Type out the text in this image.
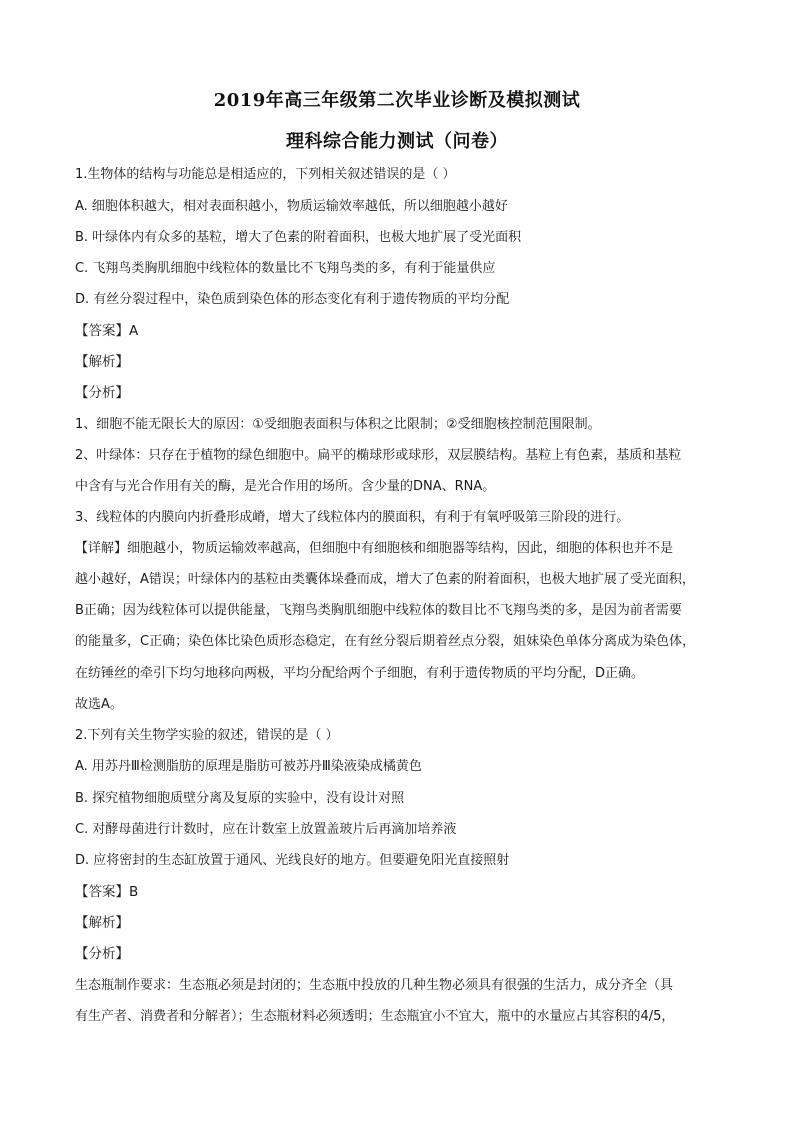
2019年高三年级第二次毕业诊断及模拟测试
理科综合能力测试（问卷）
1.生物体的结构与功能总是相适应的，下列相关叙述错误的是（ ）
A. 细胞体积越大，相对表面积越小，物质运输效率越低，所以细胞越小越好
B. 叶绿体内有众多的基粒，增大了色素的附着面积，也极大地扩展了受光面积
C. 飞翔鸟类胸肌细胞中线粒体的数量比不飞翔鸟类的多，有利于能量供应
D. 有丝分裂过程中，染色质到染色体的形态变化有利于遗传物质的平均分配
【答案】A
【解析】
【分析】
1、细胞不能无限长大的原因：①受细胞表面积与体积之比限制；②受细胞核控制范围限制。
2、叶绿体：只存在于植物的绿色细胞中。扁平的椭球形或球形，双层膜结构。基粒上有色素，基质和基粒
中含有与光合作用有关的酶，是光合作用的场所。含少量的DNA、RNA。
3、线粒体的内膜向内折叠形成嵴，增大了线粒体内的膜面积，有利于有氧呼吸第三阶段的进行。
【详解】细胞越小，物质运输效率越高，但细胞中有细胞核和细胞器等结构，因此，细胞的体积也并不是
越小越好，A错误；叶绿体内的基粒由类囊体垛叠而成，增大了色素的附着面积，也极大地扩展了受光面积，
B正确；因为线粒体可以提供能量，飞翔鸟类胸肌细胞中线粒体的数目比不飞翔鸟类的多，是因为前者需要
的能量多，C正确；染色体比染色质形态稳定，在有丝分裂后期着丝点分裂，姐妹染色单体分离成为染色体，
在纺锤丝的牵引下均匀地移向两极，平均分配给两个子细胞，有利于遗传物质的平均分配，D正确。
故选A。
2.下列有关生物学实验的叙述，错误的是（ ）
A. 用苏丹Ⅲ检测脂肪的原理是脂肪可被苏丹Ⅲ染液染成橘黄色
B. 探究植物细胞质壁分离及复原的实验中，没有设计对照
C. 对酵母菌进行计数时，应在计数室上放置盖玻片后再滴加培养液
D. 应将密封的生态缸放置于通风、光线良好的地方。但要避免阳光直接照射
【答案】B
【解析】
【分析】
生态瓶制作要求：生态瓶必须是封闭的；生态瓶中投放的几种生物必须具有很强的生活力，成分齐全（具
有生产者、消费者和分解者）；生态瓶材料必须透明；生态瓶宜小不宜大，瓶中的水量应占其容积的4/5，
